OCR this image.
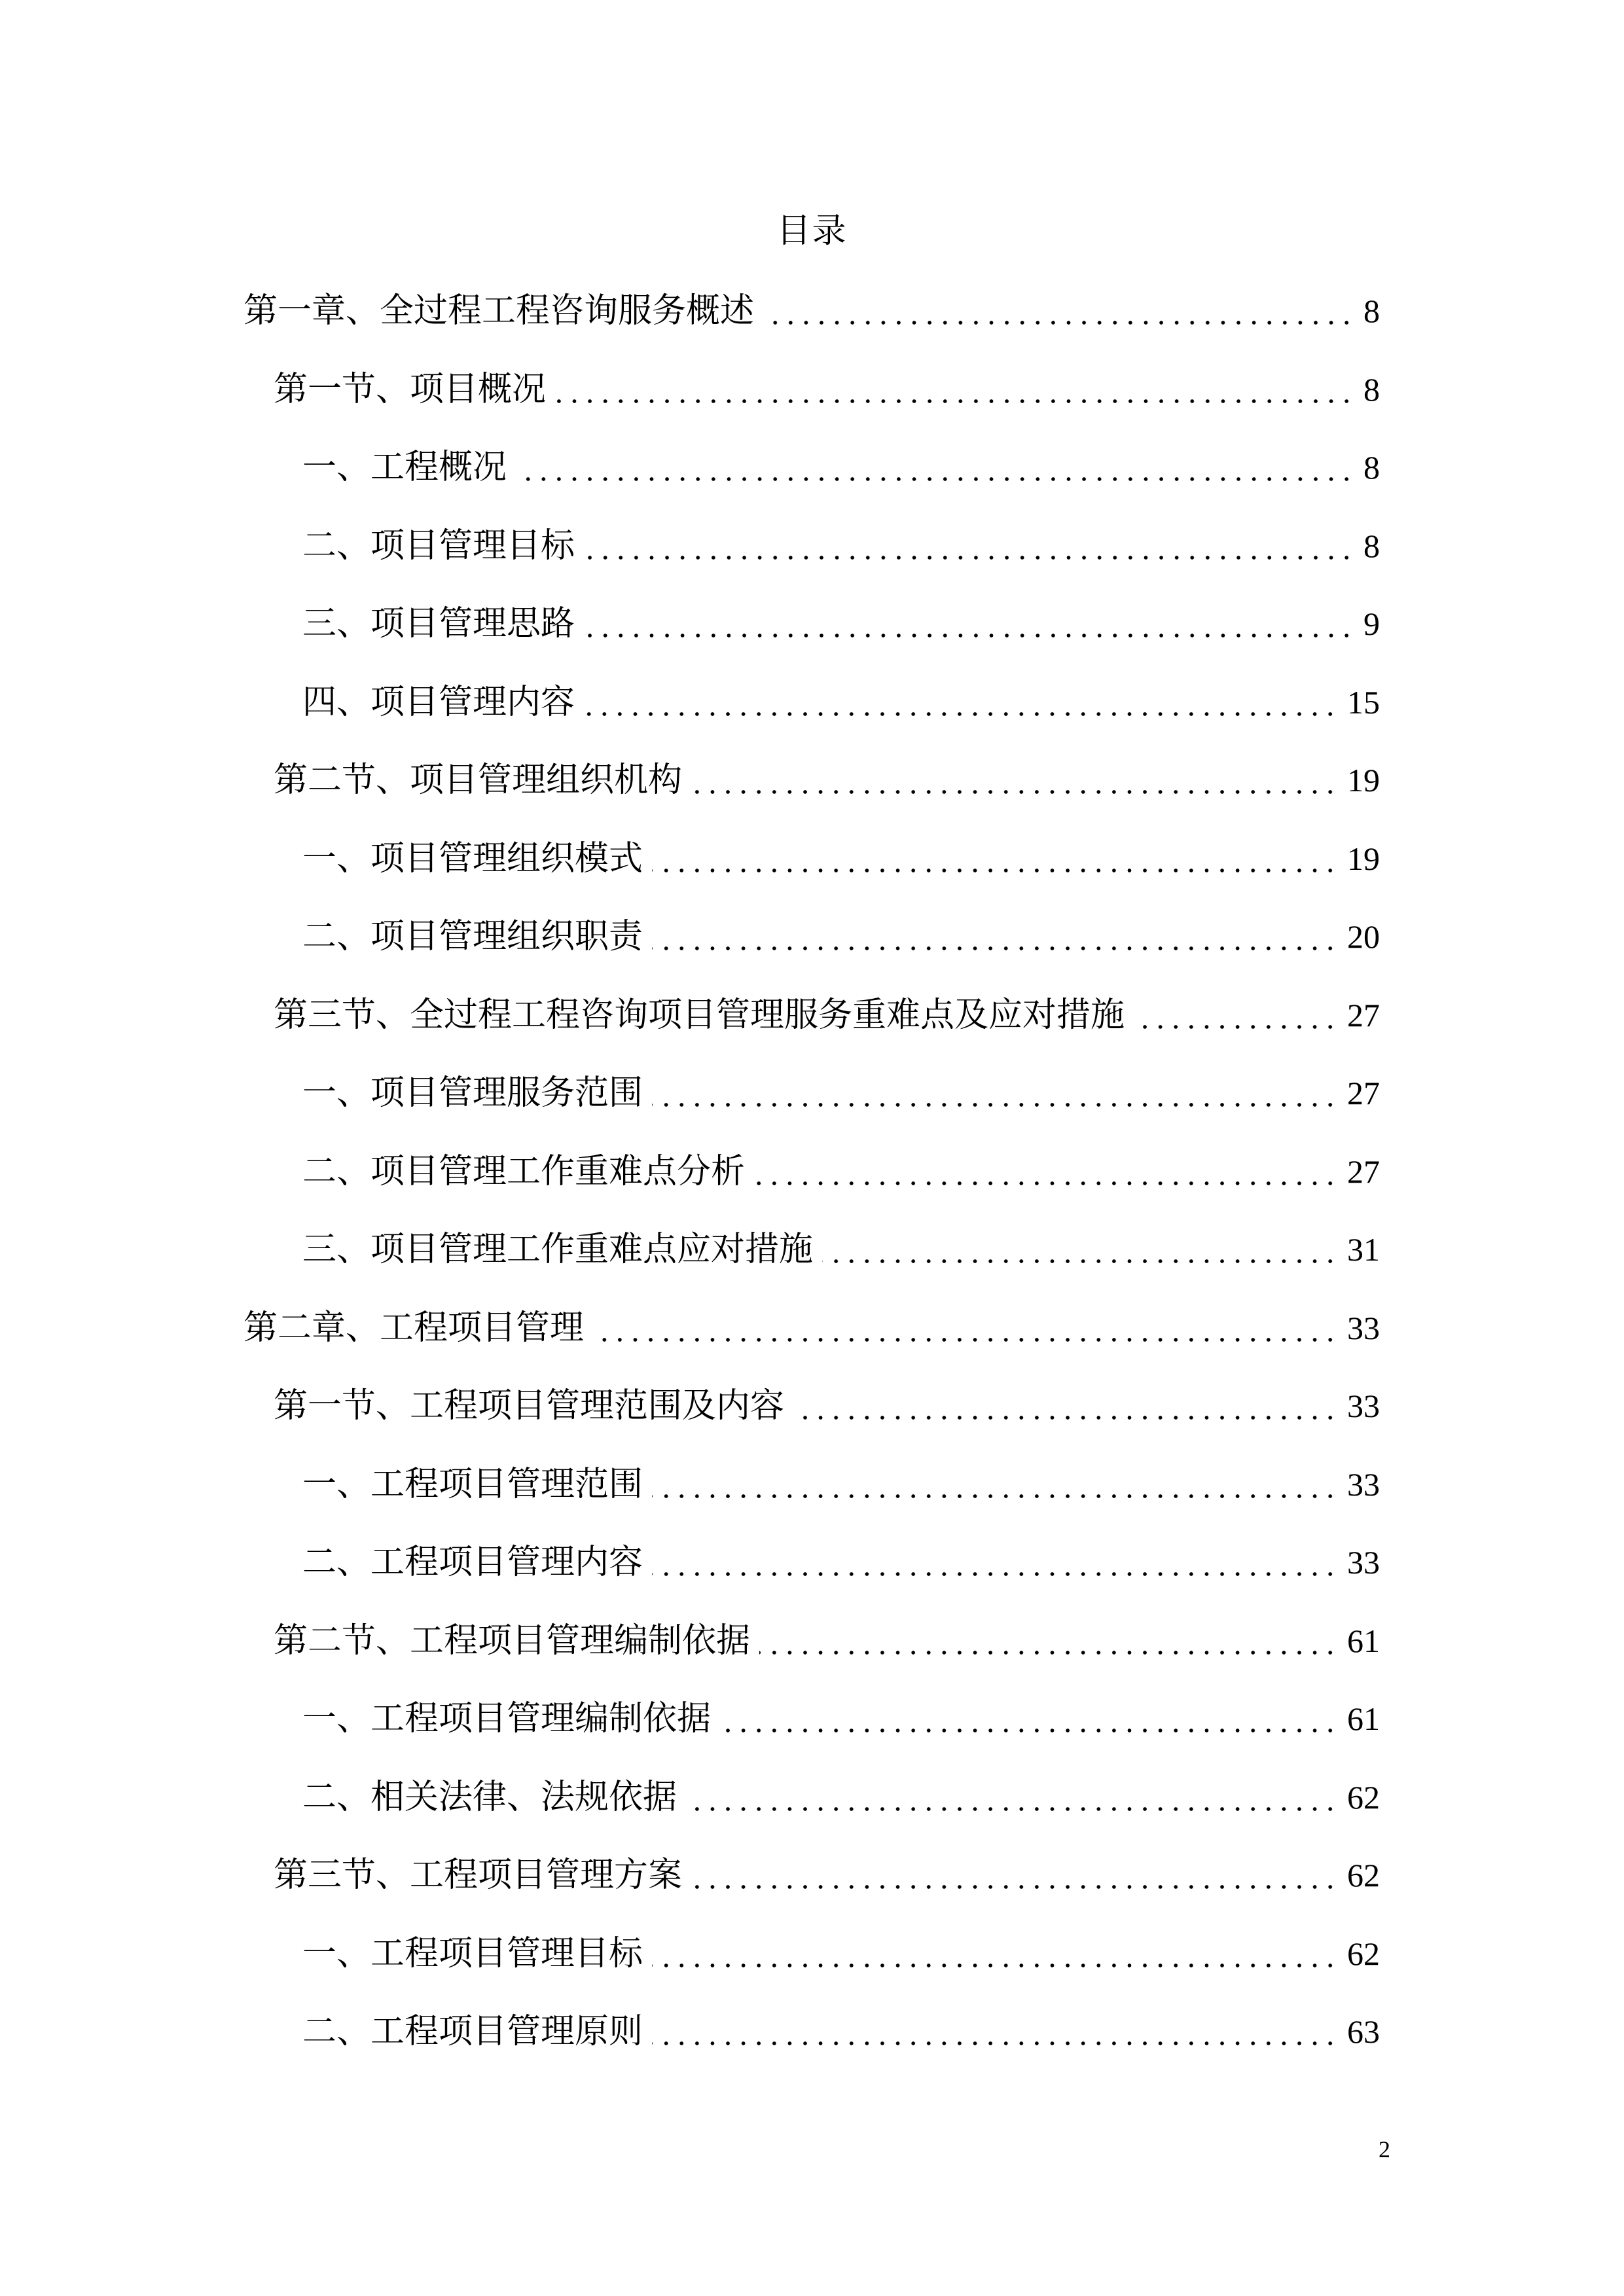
目录
第一章、全过程工程咨询服务概述	8
第一节、项目概况	8
一、工程概况	8
二、项目管理目标	8
三、项目管理思路	9
四、项目管理内容	15
第二节、项目管理组织机构	19
一、项目管理组织模式	19
二、项目管理组织职责	20
第三节、全过程工程咨询项目管理服务重难点及应对措施	27
一、项目管理服务范围	27
二、项目管理工作重难点分析	27
三、项目管理工作重难点应对措施	31
第二章、工程项目管理	33
第一节、工程项目管理范围及内容	33
一、工程项目管理范围	33
二、工程项目管理内容	33
第二节、工程项目管理编制依据	61
一、工程项目管理编制依据	61
二、相关法律、法规依据	62
第三节、工程项目管理方案	62
一、工程项目管理目标	62
二、工程项目管理原则	63
2
